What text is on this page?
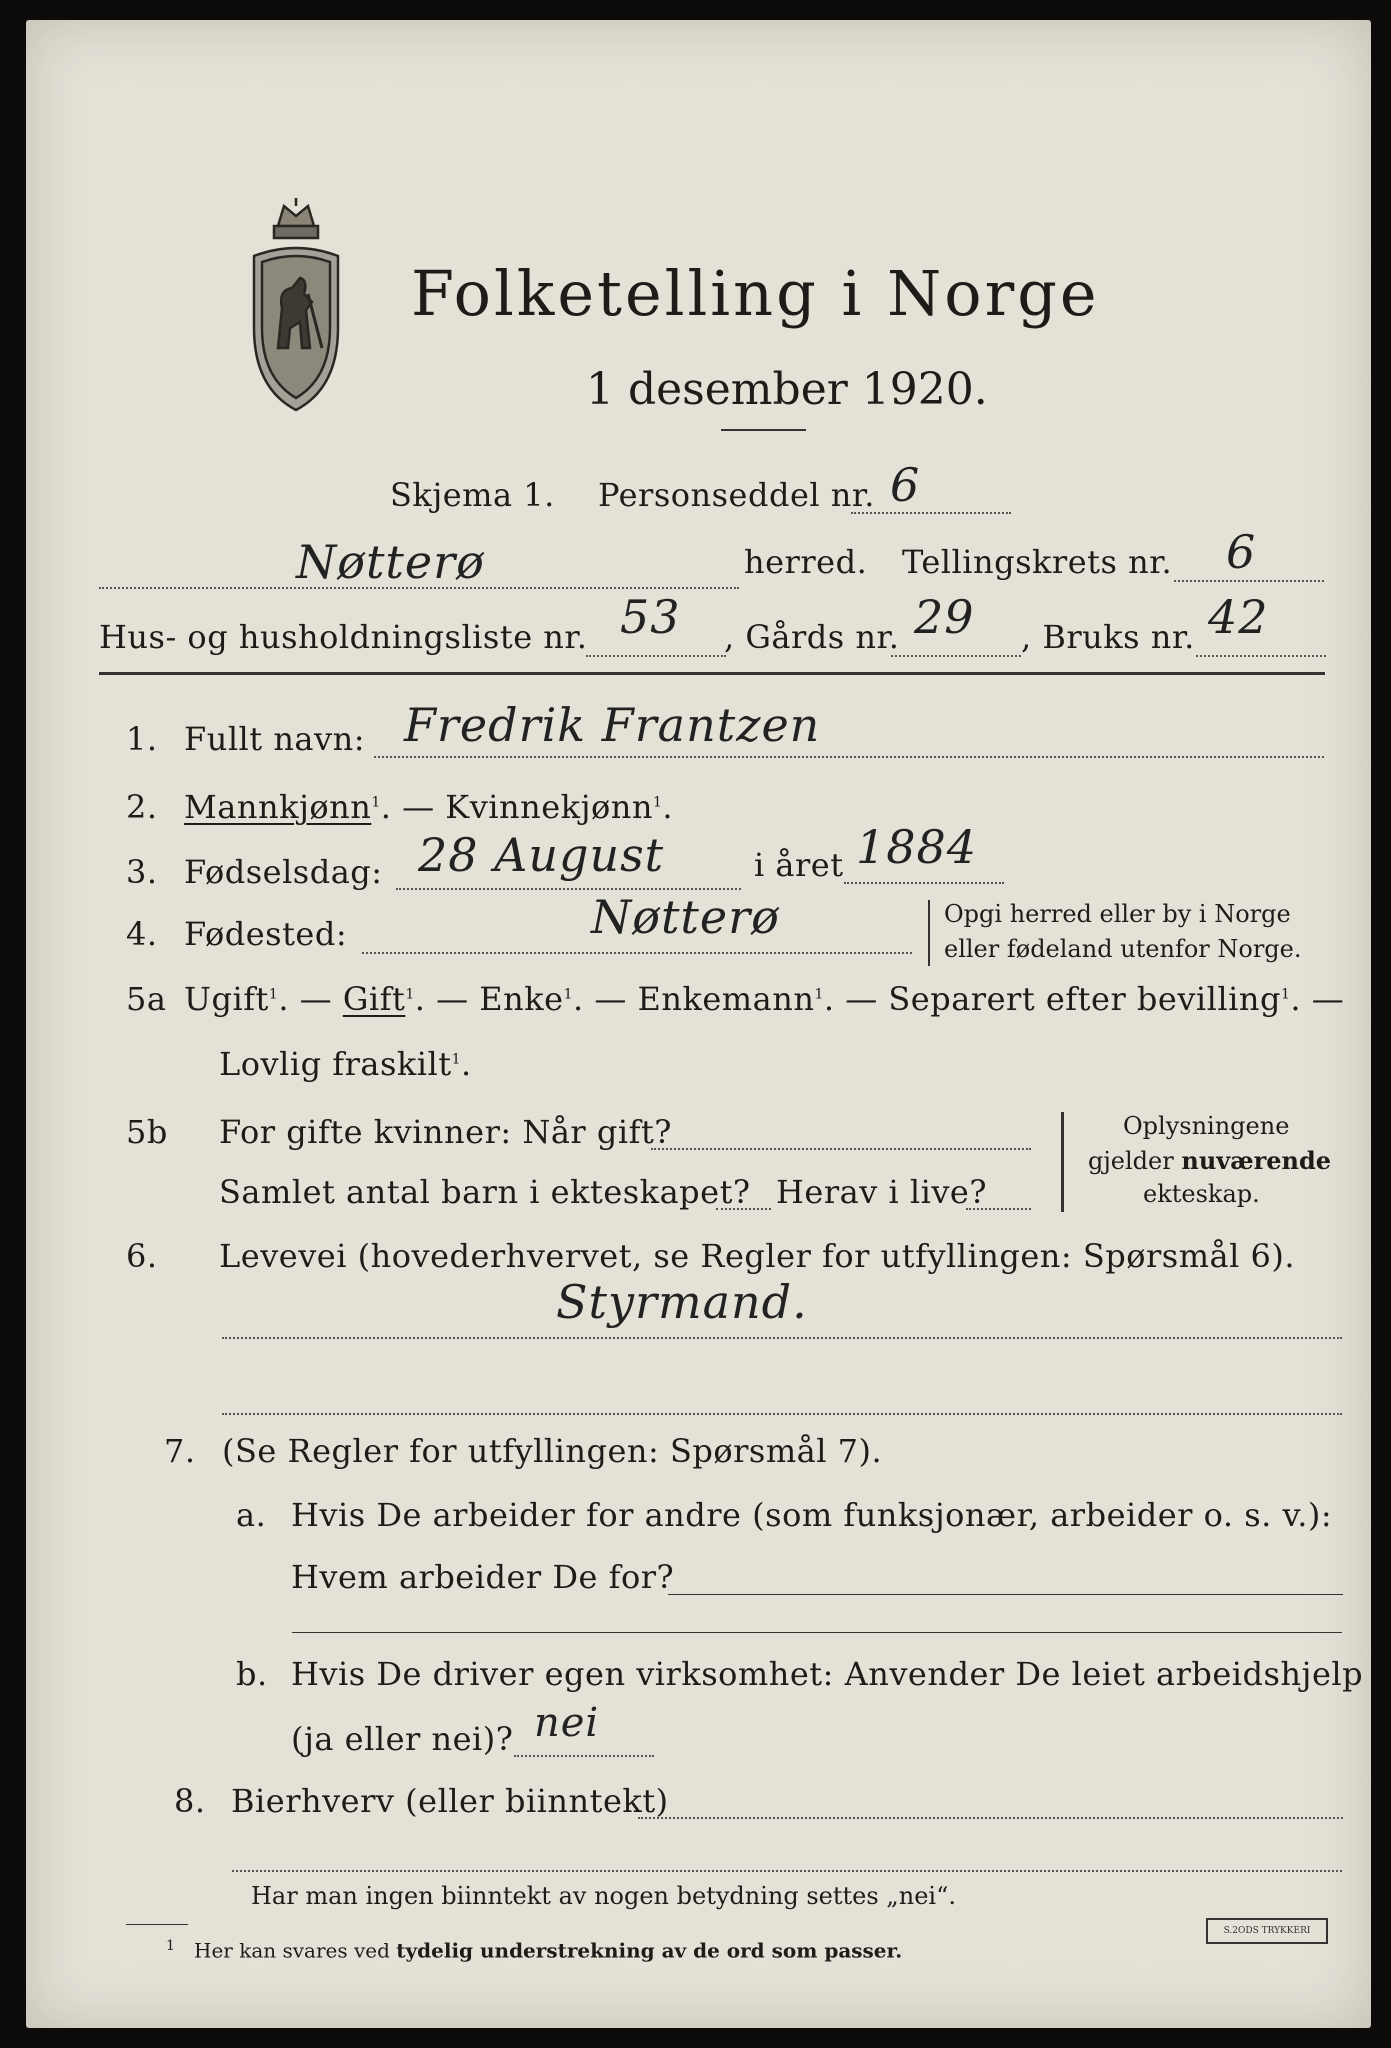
Folketelling i Norge
1 desember 1920.
Skjema 1. Personseddel nr. 6
Nøtterø	herred. Tellingskrets nr. 6
Hus- og husholdningsliste nr. 53 , Gårds nr. 29 , Bruks nr. 42
1. Fullt navn: Fredrik Frantzen
2. Mannkjønn$^1$. — Kvinnekjønn$^1$.
3. Fødselsdag: 28 August	i året 1884
4. Fødested:	Nøtterø	Opgi herred eller by i Norge
eller fødeland utenfor Norge.
5a Ugift$^1$. — Gift$^1$. — Enke$^1$. — Enkemann$^1$. — Separert efter bevilling$^1$. —
Lovlig fraskilt$^1$.
5b For gifte kvinner: Når gift?
Samlet antal barn i ekteskapet? Herav i live?
Oplysningene
gjelder nuværende
ekteskap.
6. Levevei (hovederhvervet, se Regler for utfyllingen: Spørsmål 6).
Styrmand.
7. (Se Regler for utfyllingen: Spørsmål 7).
a. Hvis De arbeider for andre (som funksjonær, arbeider o. s. v.):
Hvem arbeider De for?
b. Hvis De driver egen virksomhet: Anvender De leiet arbeidshjelp
(ja eller nei)? nei
8. Bierhverv (eller biinntekt)
Har man ingen biinntekt av nogen betydning settes „nei“.
$^1$ Her kan svares ved tydelig understrekning av de ord som passer.
S.2ODS TRYKKERI
